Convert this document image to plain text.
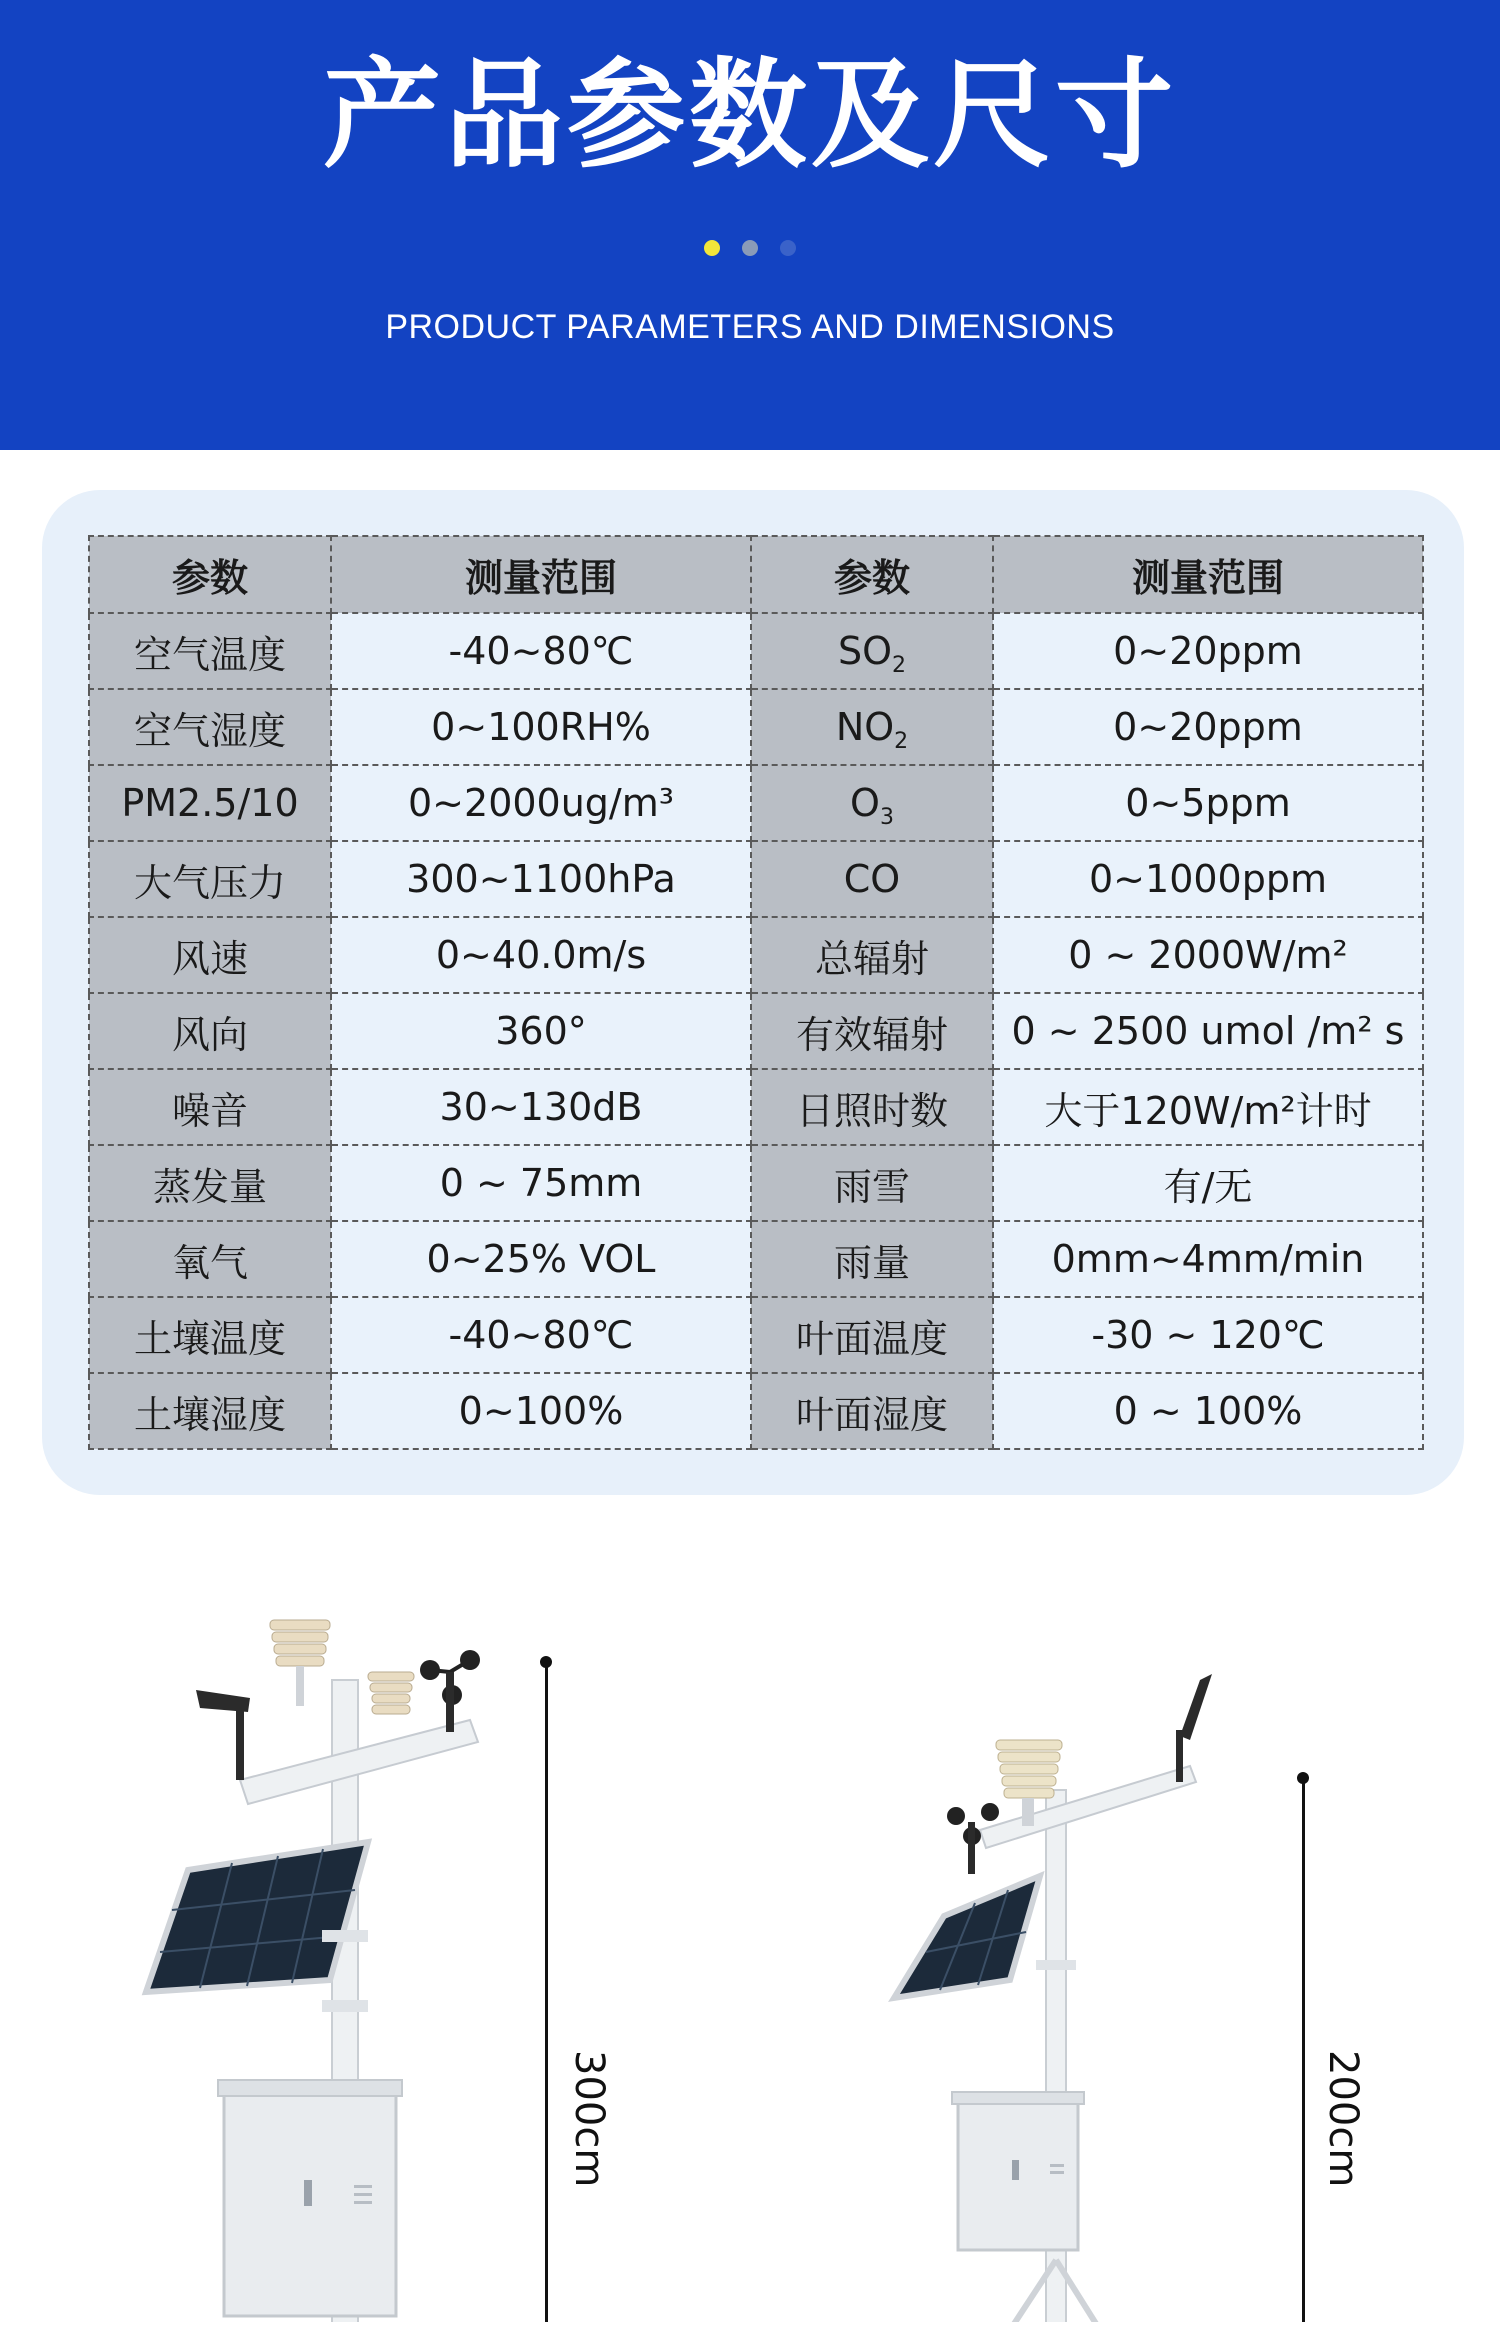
产品参数及尺寸

PRODUCT PARAMETERS AND DIMENSIONS
参数	测量范围	参数	测量范围
空气温度	-40~80℃	$SO_2$	0~20ppm
空气湿度	0~100RH%	$NO_2$	0~20ppm
PM2.5/10	0~2000ug/m³	$O_3$	0~5ppm
大气压力	300~1100hPa	CO	0~1000ppm
风速	0~40.0m/s	总辐射	0 ~ 2000W/m²
风向	360°	有效辐射	0 ~ 2500 umol /m² s
噪音	30~130dB	日照时数	大于120W/m²计时
蒸发量	0 ~ 75mm	雨雪	有/无
氧气	0~25% VOL	雨量	0mm~4mm/min
土壤温度	-40~80℃	叶面温度	-30 ~ 120℃
土壤湿度	0~100%	叶面湿度	0 ~ 100%
300cm	200cm
